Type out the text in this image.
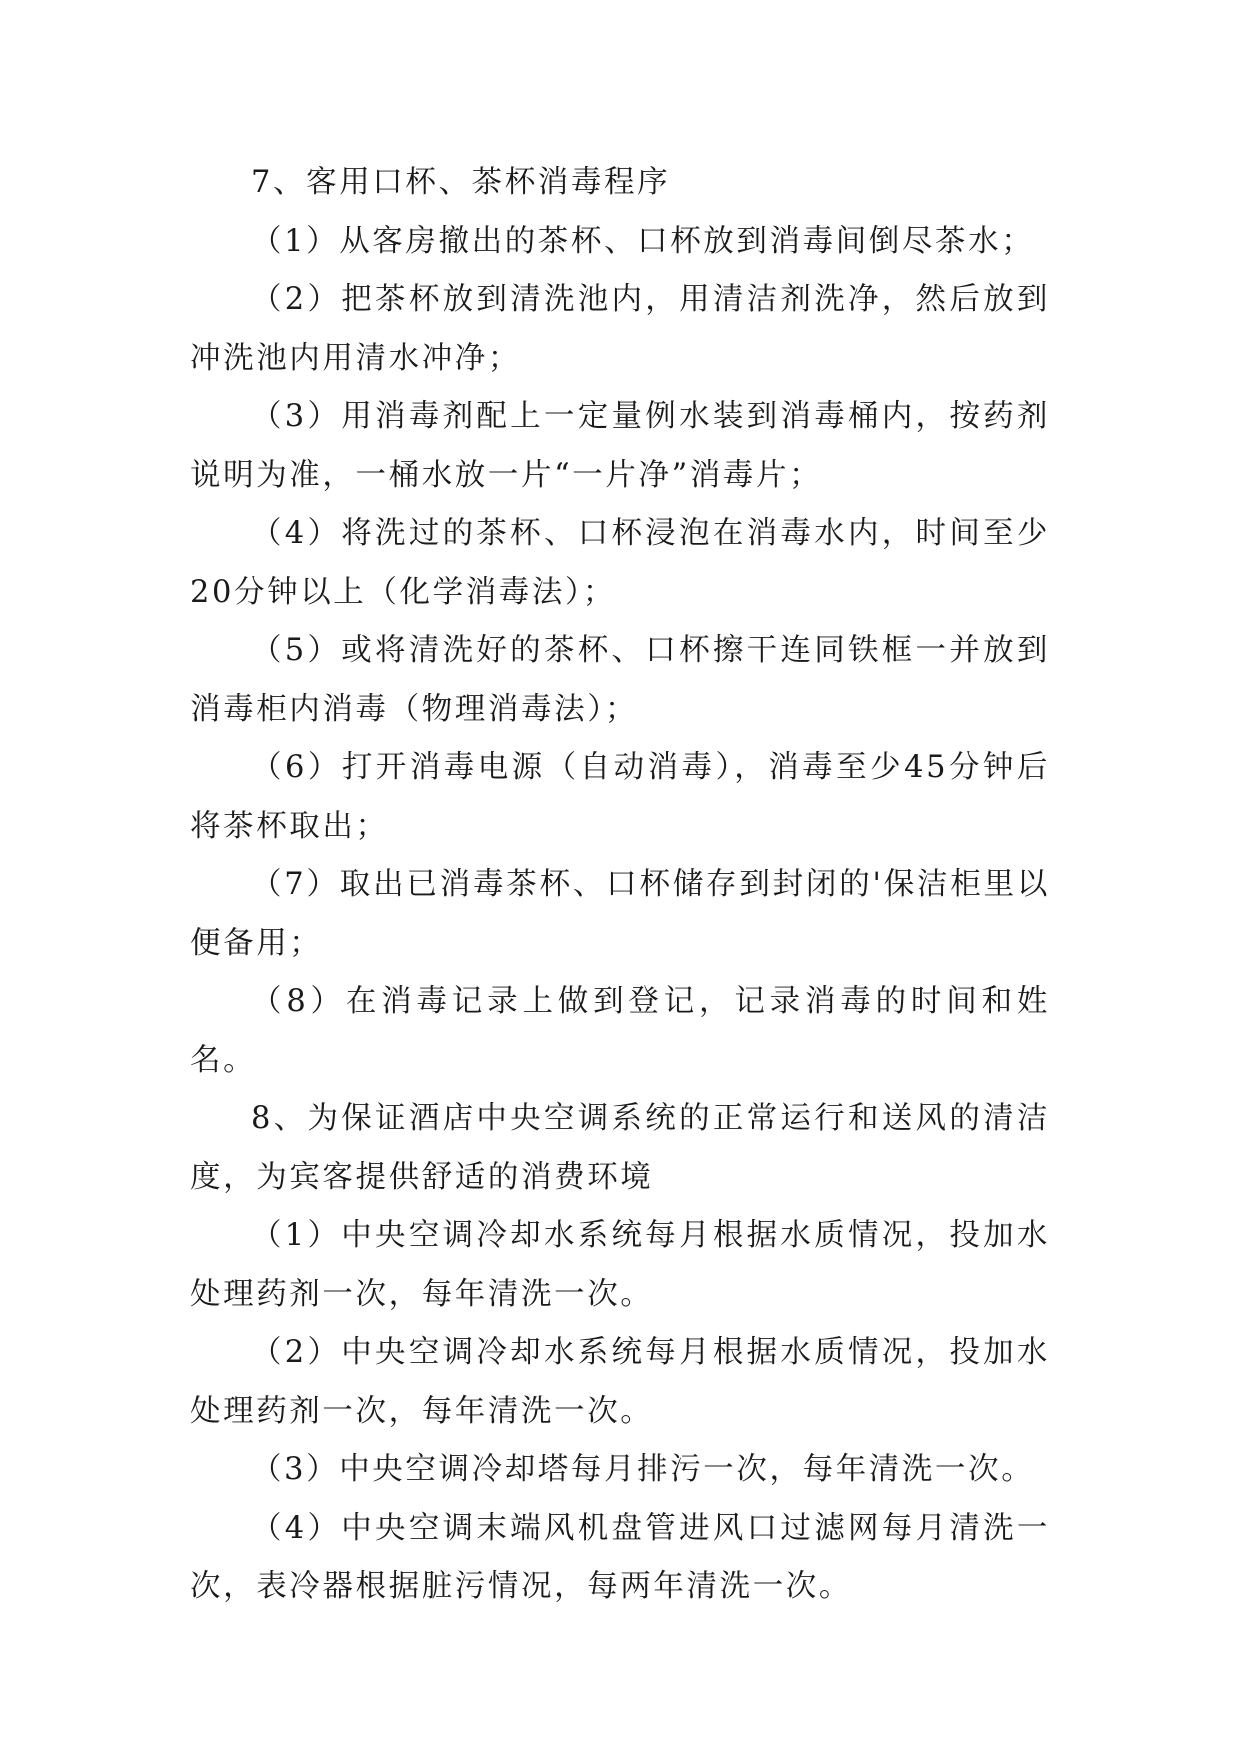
7、客用口杯、茶杯消毒程序

（1）从客房撤出的茶杯、口杯放到消毒间倒尽茶水；

（2）把茶杯放到清洗池内，用清洁剂洗净，然后放到冲洗池内用清水冲净；

（3）用消毒剂配上一定量例水装到消毒桶内，按药剂说明为准，一桶水放一片“一片净”消毒片；

（4）将洗过的茶杯、口杯浸泡在消毒水内，时间至少20分钟以上（化学消毒法）；

（5）或将清洗好的茶杯、口杯擦干连同铁框一并放到消毒柜内消毒（物理消毒法）；

（6）打开消毒电源（自动消毒），消毒至少45分钟后将茶杯取出；

（7）取出已消毒茶杯、口杯储存到封闭的'保洁柜里以便备用；

（8）在消毒记录上做到登记，记录消毒的时间和姓名。

8、为保证酒店中央空调系统的正常运行和送风的清洁度，为宾客提供舒适的消费环境

（1）中央空调冷却水系统每月根据水质情况，投加水处理药剂一次，每年清洗一次。

（2）中央空调冷却水系统每月根据水质情况，投加水处理药剂一次，每年清洗一次。

（3）中央空调冷却塔每月排污一次，每年清洗一次。

（4）中央空调末端风机盘管进风口过滤网每月清洗一次，表冷器根据脏污情况，每两年清洗一次。
